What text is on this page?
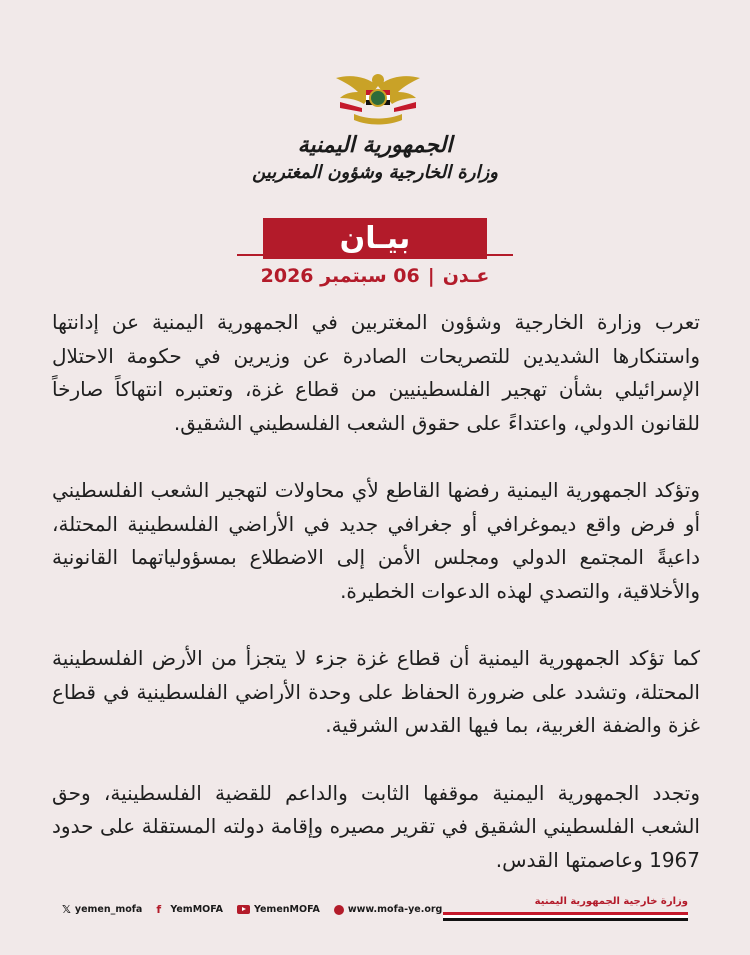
الجمهورية اليمنية
وزارة الخارجية وشؤون المغتربين
بيـان
عـدن|06 سبتمبر 2026

تعرب وزارة الخارجية وشؤون المغتربين في الجمهورية اليمنية عن إدانتها واستنكارها الشديدين للتصريحات الصادرة عن وزيرين في حكومة الاحتلال الإسرائيلي بشأن تهجير الفلسطينيين من قطاع غزة، وتعتبره انتهاكاً صارخاً للقانون الدولي، واعتداءً على حقوق الشعب الفلسطيني الشقيق.

وتؤكد الجمهورية اليمنية رفضها القاطع لأي محاولات لتهجير الشعب الفلسطيني أو فرض واقع ديموغرافي أو جغرافي جديد في الأراضي الفلسطينية المحتلة، داعيةً المجتمع الدولي ومجلس الأمن إلى الاضطلاع بمسؤولياتهما القانونية والأخلاقية، والتصدي لهذه الدعوات الخطيرة.

كما تؤكد الجمهورية اليمنية أن قطاع غزة جزء لا يتجزأ من الأرض الفلسطينية المحتلة، وتشدد على ضرورة الحفاظ على وحدة الأراضي الفلسطينية في قطاع غزة والضفة الغربية، بما فيها القدس الشرقية.

وتجدد الجمهورية اليمنية موقفها الثابت والداعم للقضية الفلسطينية، وحق الشعب الفلسطيني الشقيق في تقرير مصيره وإقامة دولته المستقلة على حدود 1967 وعاصمتها القدس.

𝕏 yemen_mofa f YemMOFA	YemenMOFA	www.mofa-ye.org
وزارة خارجية الجمهورية اليمنية
